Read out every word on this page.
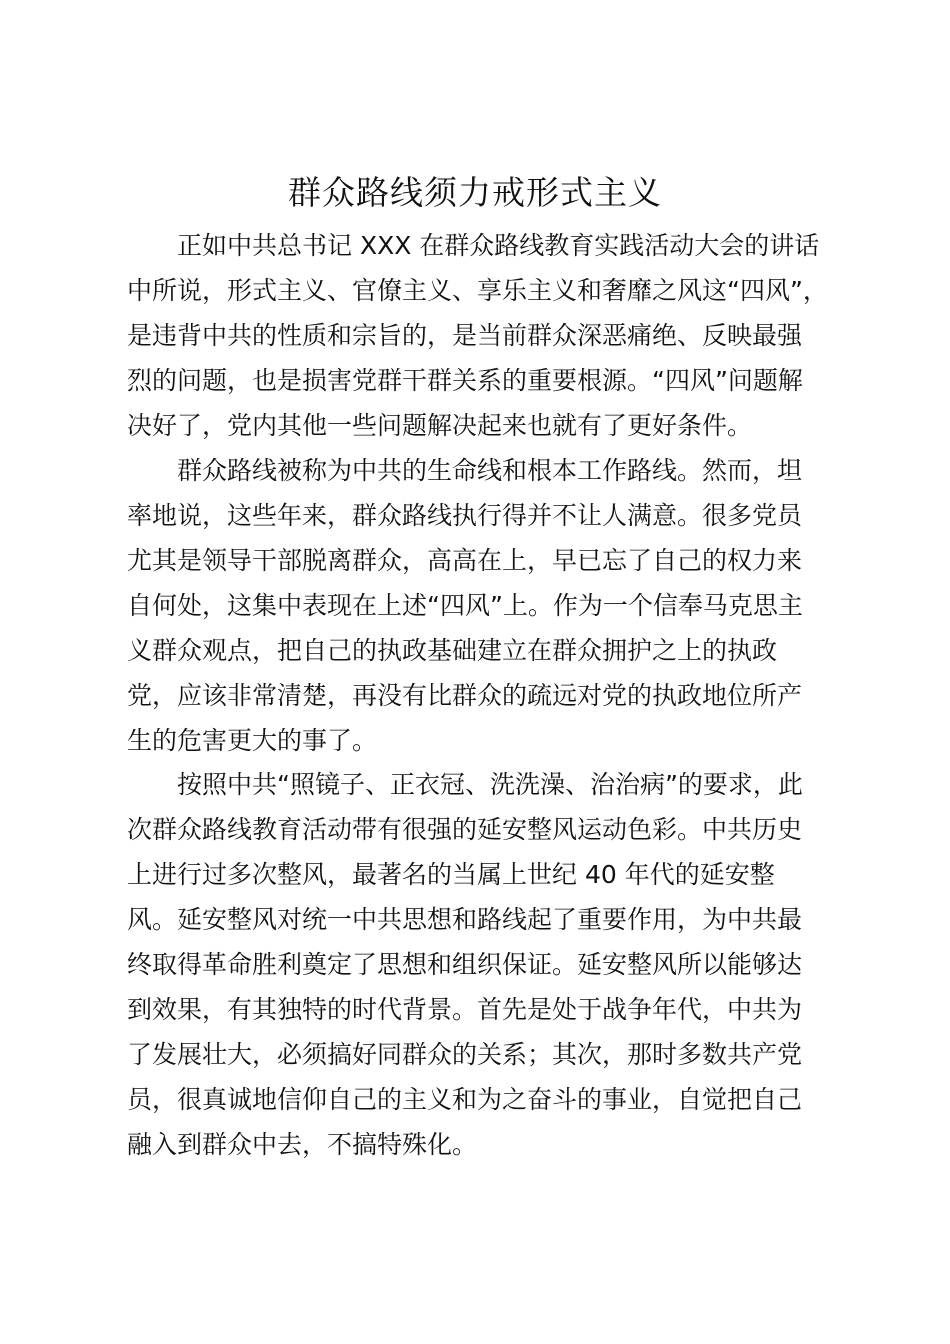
群众路线须力戒形式主义
　　正如中共总书记 XXX 在群众路线教育实践活动大会的讲话
中所说，形式主义、官僚主义、享乐主义和奢靡之风这“四风”，
是违背中共的性质和宗旨的，是当前群众深恶痛绝、反映最强
烈的问题，也是损害党群干群关系的重要根源。“四风”问题解
决好了，党内其他一些问题解决起来也就有了更好条件。
　　群众路线被称为中共的生命线和根本工作路线。然而，坦
率地说，这些年来，群众路线执行得并不让人满意。很多党员
尤其是领导干部脱离群众，高高在上，早已忘了自己的权力来
自何处，这集中表现在上述“四风”上。作为一个信奉马克思主
义群众观点，把自己的执政基础建立在群众拥护之上的执政
党，应该非常清楚，再没有比群众的疏远对党的执政地位所产
生的危害更大的事了。
　　按照中共“照镜子、正衣冠、洗洗澡、治治病”的要求，此
次群众路线教育活动带有很强的延安整风运动色彩。中共历史
上进行过多次整风，最著名的当属上世纪 40 年代的延安整
风。延安整风对统一中共思想和路线起了重要作用，为中共最
终取得革命胜利奠定了思想和组织保证。延安整风所以能够达
到效果，有其独特的时代背景。首先是处于战争年代，中共为
了发展壮大，必须搞好同群众的关系；其次，那时多数共产党
员，很真诚地信仰自己的主义和为之奋斗的事业，自觉把自己
融入到群众中去，不搞特殊化。
